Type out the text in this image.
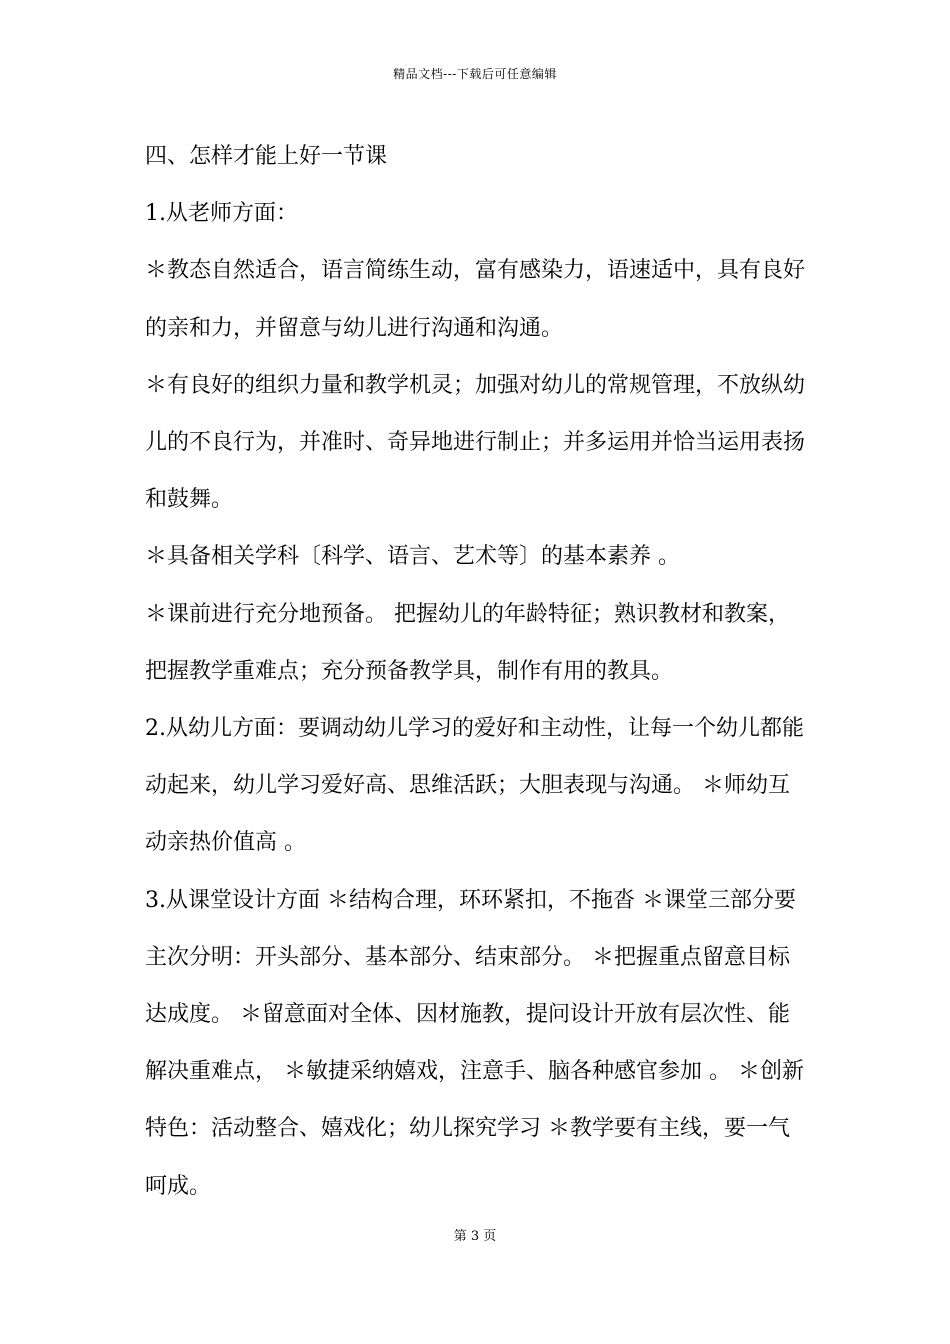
精品文档---下载后可任意编辑

四、怎样才能上好一节课

1.从老师方面：

＊教态自然适合，语言简练生动，富有感染力，语速适中，具有良好的亲和力，并留意与幼儿进行沟通和沟通。

＊有良好的组织力量和教学机灵；加强对幼儿的常规管理，不放纵幼儿的不良行为，并准时、奇异地进行制止；并多运用并恰当运用表扬和鼓舞。

＊具备相关学科〔科学、语言、艺术等〕的基本素养 。

＊课前进行充分地预备。 把握幼儿的年龄特征；熟识教材和教案，把握教学重难点；充分预备教学具，制作有用的教具。

2.从幼儿方面：要调动幼儿学习的爱好和主动性，让每一个幼儿都能动起来，幼儿学习爱好高、思维活跃；大胆表现与沟通。 ＊师幼互动亲热价值高 。

3.从课堂设计方面 ＊结构合理，环环紧扣，不拖沓 ＊课堂三部分要主次分明：开头部分、基本部分、结束部分。 ＊把握重点留意目标达成度。 ＊留意面对全体、因材施教，提问设计开放有层次性、能解决重难点， ＊敏捷采纳嬉戏，注意手、脑各种感官参加 。 ＊创新特色：活动整合、嬉戏化；幼儿探究学习 ＊教学要有主线，要一气呵成。

第 3 页
